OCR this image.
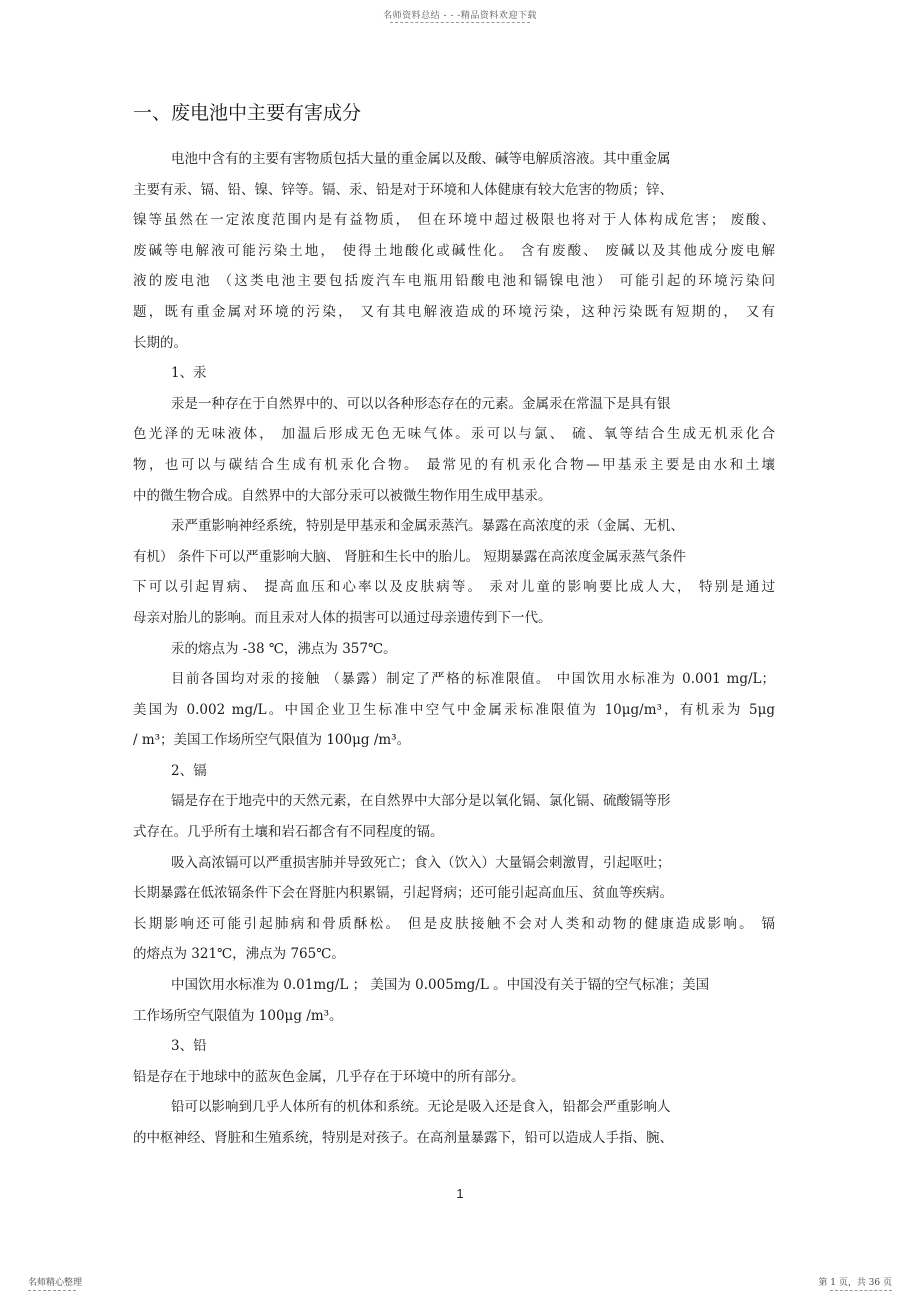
名师资料总结 - - -精品资料欢迎下载
一、废电池中主要有害成分
电池中含有的主要有害物质包括大量的重金属以及酸、碱等电解质溶液。其中重金属
主要有汞、镉、铅、镍、锌等。镉、汞、铅是对于环境和人体健康有较大危害的物质；锌、
镍等虽然在一定浓度范围内是有益物质， 但在环境中超过极限也将对于人体构成危害； 废酸、
废碱等电解液可能污染土地， 使得土地酸化或碱性化。 含有废酸、 废碱以及其他成分废电解
液的废电池 （这类电池主要包括废汽车电瓶用铅酸电池和镉镍电池） 可能引起的环境污染问
题，既有重金属对环境的污染， 又有其电解液造成的环境污染，这种污染既有短期的， 又有
长期的。
1、汞
汞是一种存在于自然界中的、可以以各种形态存在的元素。金属汞在常温下是具有银
色光泽的无味液体， 加温后形成无色无味气体。汞可以与氯、 硫、氧等结合生成无机汞化合
物，也可以与碳结合生成有机汞化合物。 最常见的有机汞化合物—甲基汞主要是由水和土壤
中的微生物合成。自然界中的大部分汞可以被微生物作用生成甲基汞。
汞严重影响神经系统，特别是甲基汞和金属汞蒸汽。暴露在高浓度的汞（金属、无机、
有机） 条件下可以严重影响大脑、 肾脏和生长中的胎儿。 短期暴露在高浓度金属汞蒸气条件
下可以引起胃病、 提高血压和心率以及皮肤病等。 汞对儿童的影响要比成人大， 特别是通过
母亲对胎儿的影响。而且汞对人体的损害可以通过母亲遗传到下一代。
汞的熔点为 -38 ℃，沸点为 357℃。
目前各国均对汞的接触 （暴露）制定了严格的标准限值。 中国饮用水标准为 0.001 mg/L；
美国为 0.002 mg/L。中国企业卫生标准中空气中金属汞标准限值为 10μg/m³，有机汞为 5μg
/ m³；美国工作场所空气限值为 100μg /m³。
2、镉
镉是存在于地壳中的天然元素，在自然界中大部分是以氧化镉、氯化镉、硫酸镉等形
式存在。几乎所有土壤和岩石都含有不同程度的镉。
吸入高浓镉可以严重损害肺并导致死亡；食入（饮入）大量镉会刺激胃，引起呕吐；
长期暴露在低浓镉条件下会在肾脏内积累镉，引起肾病；还可能引起高血压、贫血等疾病。
长期影响还可能引起肺病和骨质酥松。 但是皮肤接触不会对人类和动物的健康造成影响。 镉
的熔点为 321℃，沸点为 765℃。
中国饮用水标准为 0.01mg/L ； 美国为 0.005mg/L 。中国没有关于镉的空气标准；美国
工作场所空气限值为 100μg /m³。
3、铅
铅是存在于地球中的蓝灰色金属，几乎存在于环境中的所有部分。
铅可以影响到几乎人体所有的机体和系统。无论是吸入还是食入，铅都会严重影响人
的中枢神经、肾脏和生殖系统，特别是对孩子。在高剂量暴露下，铅可以造成人手指、腕、
1
名师精心整理	第 1 页，共 36 页
